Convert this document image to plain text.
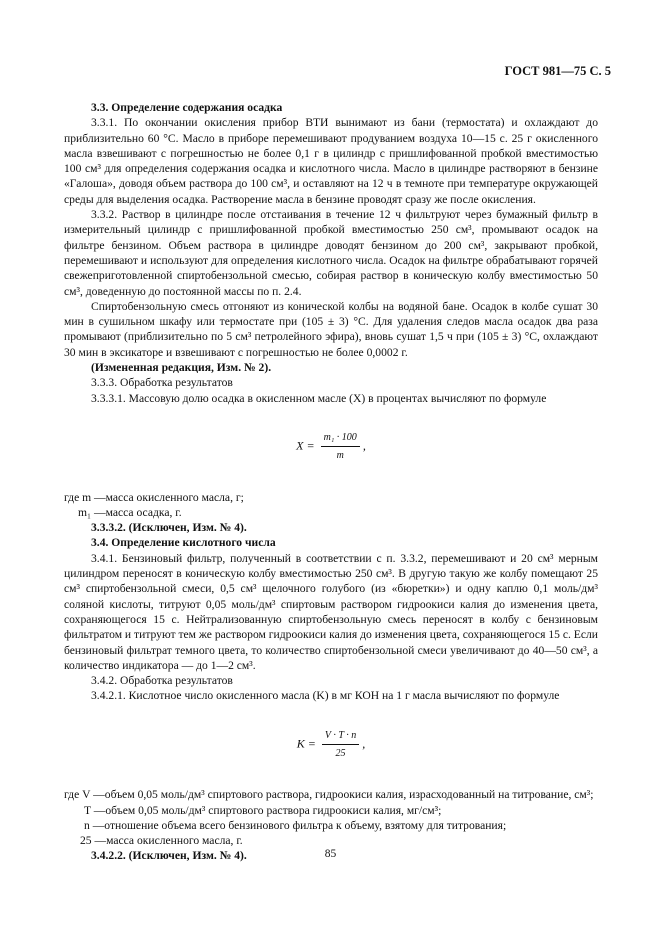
ГОСТ 981—75 С. 5

3.3. Определение содержания осадка

3.3.1. По окончании окисления прибор ВТИ вынимают из бани (термостата) и охлаждают до приблизительно 60 °С. Масло в приборе перемешивают продуванием воздуха 10—15 с. 25 г окисленного масла взвешивают с погрешностью не более 0,1 г в цилиндр с пришлифованной пробкой вместимостью 100 см³ для определения содержания осадка и кислотного числа. Масло в цилиндре растворяют в бензине «Галоша», доводя объем раствора до 100 см³, и оставляют на 12 ч в темноте при температуре окружающей среды для выделения осадка. Растворение масла в бензине проводят сразу же после окисления.

3.3.2. Раствор в цилиндре после отстаивания в течение 12 ч фильтруют через бумажный фильтр в измерительный цилиндр с пришлифованной пробкой вместимостью 250 см³, промывают осадок на фильтре бензином. Объем раствора в цилиндре доводят бензином до 200 см³, закрывают пробкой, перемешивают и используют для определения кислотного числа. Осадок на фильтре обрабатывают горячей свежеприготовленной спиртобензольной смесью, собирая раствор в коническую колбу вместимостью 50 см³, доведенную до постоянной массы по п. 2.4.

Спиртобензольную смесь отгоняют из конической колбы на водяной бане. Осадок в колбе сушат 30 мин в сушильном шкафу или термостате при (105 ± 3) °С. Для удаления следов масла осадок два раза промывают (приблизительно по 5 см³ петролейного эфира), вновь сушат 1,5 ч при (105 ± 3) °С, охлаждают 30 мин в эксикаторе и взвешивают с погрешностью не более 0,0002 г.

(Измененная редакция, Изм. № 2).

3.3.3. Обработка результатов

3.3.3.1. Массовую долю осадка в окисленном масле (X) в процентах вычисляют по формуле

$X = \frac{\text{m₁ · 100}}{m}$ ,
где m — масса окисленного масла, г;
m₁ — масса осадка, г.

3.3.3.2. (Исключен, Изм. № 4).

3.4. Определение кислотного числа

3.4.1. Бензиновый фильтр, полученный в соответствии с п. 3.3.2, перемешивают и 20 см³ мерным цилиндром переносят в коническую колбу вместимостью 250 см³. В другую такую же колбу помещают 25 см³ спиртобензольной смеси, 0,5 см³ щелочного голубого (из «бюретки») и одну каплю 0,1 моль/дм³ соляной кислоты, титруют 0,05 моль/дм³ спиртовым раствором гидроокиси калия до изменения цвета, сохраняющегося 15 с. Нейтрализованную спиртобензольную смесь переносят в колбу с бензиновым фильтратом и титруют тем же раствором гидроокиси калия до изменения цвета, сохраняющегося 15 с. Если бензиновый фильтрат темного цвета, то количество спиртобензольной смеси увеличивают до 40—50 см³, а количество индикатора — до 1—2 см³.

3.4.2. Обработка результатов

3.4.2.1. Кислотное число окисленного масла (K) в мг КОН на 1 г масла вычисляют по формуле

$K = \frac{V \cdot T \cdot n}{25}$ ,
где V — объем 0,05 моль/дм³ спиртового раствора, гидроокиси калия, израсходованный на титрование, см³;
T — объем 0,05 моль/дм³ спиртового раствора гидроокиси калия, мг/см³;
n — отношение объема всего бензинового фильтра к объему, взятому для титрования;
25 — масса окисленного масла, г.

3.4.2.2. (Исключен, Изм. № 4).	85
